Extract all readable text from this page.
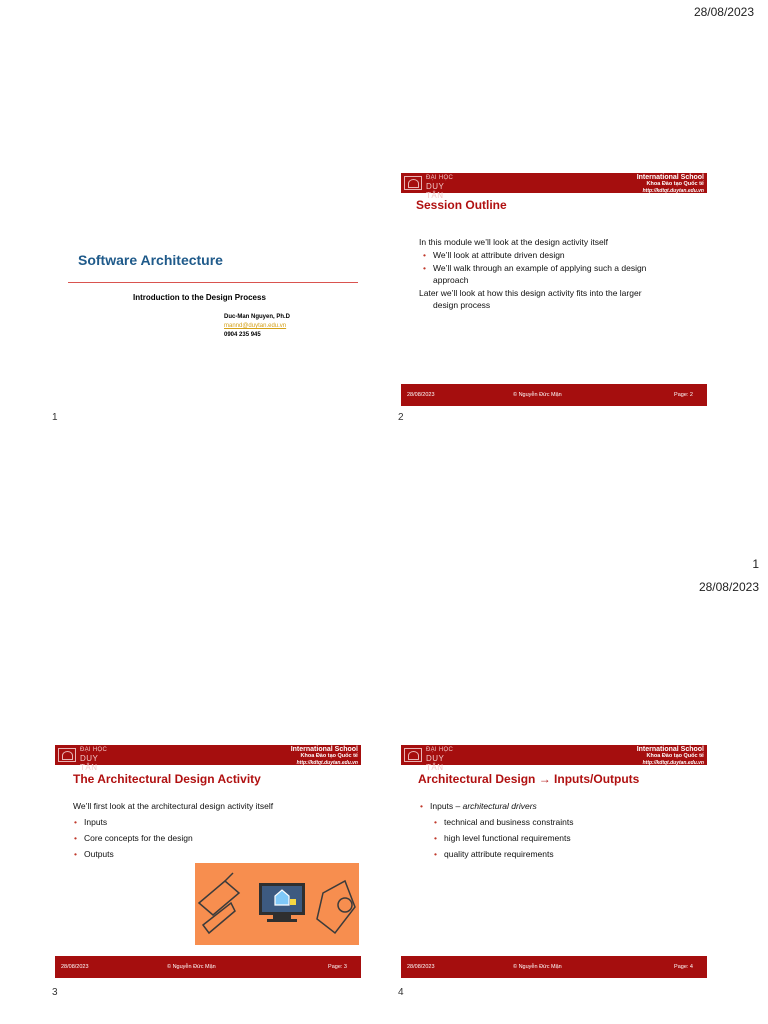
28/08/2023
Software Architecture
Introduction to the Design Process
Duc-Man Nguyen, Ph.D
mannd@duytan.edu.vn
0904 235 945
1
ĐẠI HỌC
DUY TÂN
International School
Khoa Đào tạo Quốc tế
http://kdtqt.duytan.edu.vn
Session Outline
In this module we’ll look at the design activity itself
• We’ll look at attribute driven design
• We’ll walk through an example of applying such a design
approach
Later we’ll look at how this design activity fits into the larger
design process
28/08/2023	© Nguyễn Đức Mận	Page: 2
2
1
28/08/2023
ĐẠI HỌC
DUY TÂN
International School
Khoa Đào tạo Quốc tế
http://kdtqt.duytan.edu.vn
The Architectural Design Activity
We’ll first look at the architectural design activity itself
• Inputs
• Core concepts for the design
• Outputs
28/08/2023	© Nguyễn Đức Mận	Page: 3
3
ĐẠI HỌC
DUY TÂN
International School
Khoa Đào tạo Quốc tế
http://kdtqt.duytan.edu.vn
Architectural Design → Inputs/Outputs
• Inputs – architectural drivers
• technical and business constraints
• high level functional requirements
• quality attribute requirements
28/08/2023	© Nguyễn Đức Mận	Page: 4
4
